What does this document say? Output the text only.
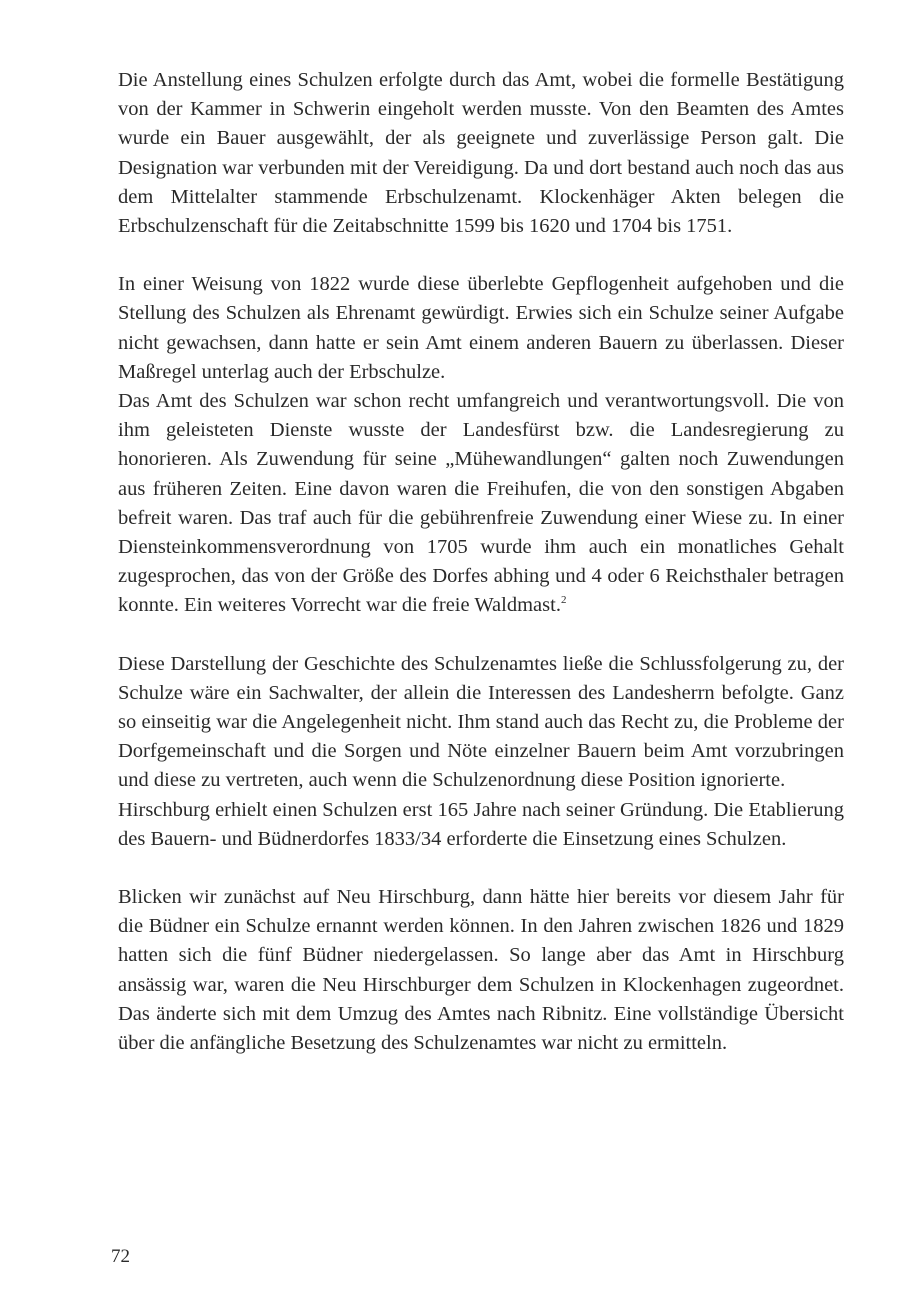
Die Anstellung eines Schulzen erfolgte durch das Amt, wobei die formelle Bestätigung von der Kammer in Schwerin eingeholt werden musste. Von den Beamten des Amtes wurde ein Bauer ausgewählt, der als geeignete und zuverlässige Person galt. Die Designation war verbunden mit der Vereidigung. Da und dort bestand auch noch das aus dem Mittelalter stammende Erbschulzenamt. Klockenhäger Akten belegen die Erbschulzenschaft für die Zeitabschnitte 1599 bis 1620 und 1704 bis 1751.

In einer Weisung von 1822 wurde diese überlebte Gepflogenheit aufgehoben und die Stellung des Schulzen als Ehrenamt gewürdigt. Erwies sich ein Schulze seiner Aufgabe nicht gewachsen, dann hatte er sein Amt einem anderen Bauern zu überlassen. Dieser Maßregel unterlag auch der Erbschulze.

Das Amt des Schulzen war schon recht umfangreich und verantwortungsvoll. Die von ihm geleisteten Dienste wusste der Landesfürst bzw. die Landesregierung zu honorieren. Als Zuwendung für seine „Mühewandlungen“ galten noch Zuwendungen aus früheren Zeiten. Eine davon waren die Freihufen, die von den sonstigen Abgaben befreit waren. Das traf auch für die gebührenfreie Zuwendung einer Wiese zu. In einer Diensteinkommensverordnung von 1705 wurde ihm auch ein monatliches Gehalt zugesprochen, das von der Größe des Dorfes abhing und 4 oder 6 Reichsthaler betragen konnte. Ein weiteres Vorrecht war die freie Waldmast.$^2$

Diese Darstellung der Geschichte des Schulzenamtes ließe die Schlussfolgerung zu, der Schulze wäre ein Sachwalter, der allein die Interessen des Landesherrn befolgte. Ganz so einseitig war die Angelegenheit nicht. Ihm stand auch das Recht zu, die Probleme der Dorfgemeinschaft und die Sorgen und Nöte einzelner Bauern beim Amt vorzubringen und diese zu vertreten, auch wenn die Schulzenordnung diese Position ignorierte.

Hirschburg erhielt einen Schulzen erst 165 Jahre nach seiner Gründung. Die Etablierung des Bauern- und Büdnerdorfes 1833/34 erforderte die Einsetzung eines Schulzen.

Blicken wir zunächst auf Neu Hirschburg, dann hätte hier bereits vor diesem Jahr für die Büdner ein Schulze ernannt werden können. In den Jahren zwischen 1826 und 1829 hatten sich die fünf Büdner niedergelassen. So lange aber das Amt in Hirschburg ansässig war, waren die Neu Hirschburger dem Schulzen in Klockenhagen zugeordnet. Das änderte sich mit dem Umzug des Amtes nach Ribnitz. Eine vollständige Übersicht über die anfängliche Besetzung des Schulzenamtes war nicht zu ermitteln.

72
